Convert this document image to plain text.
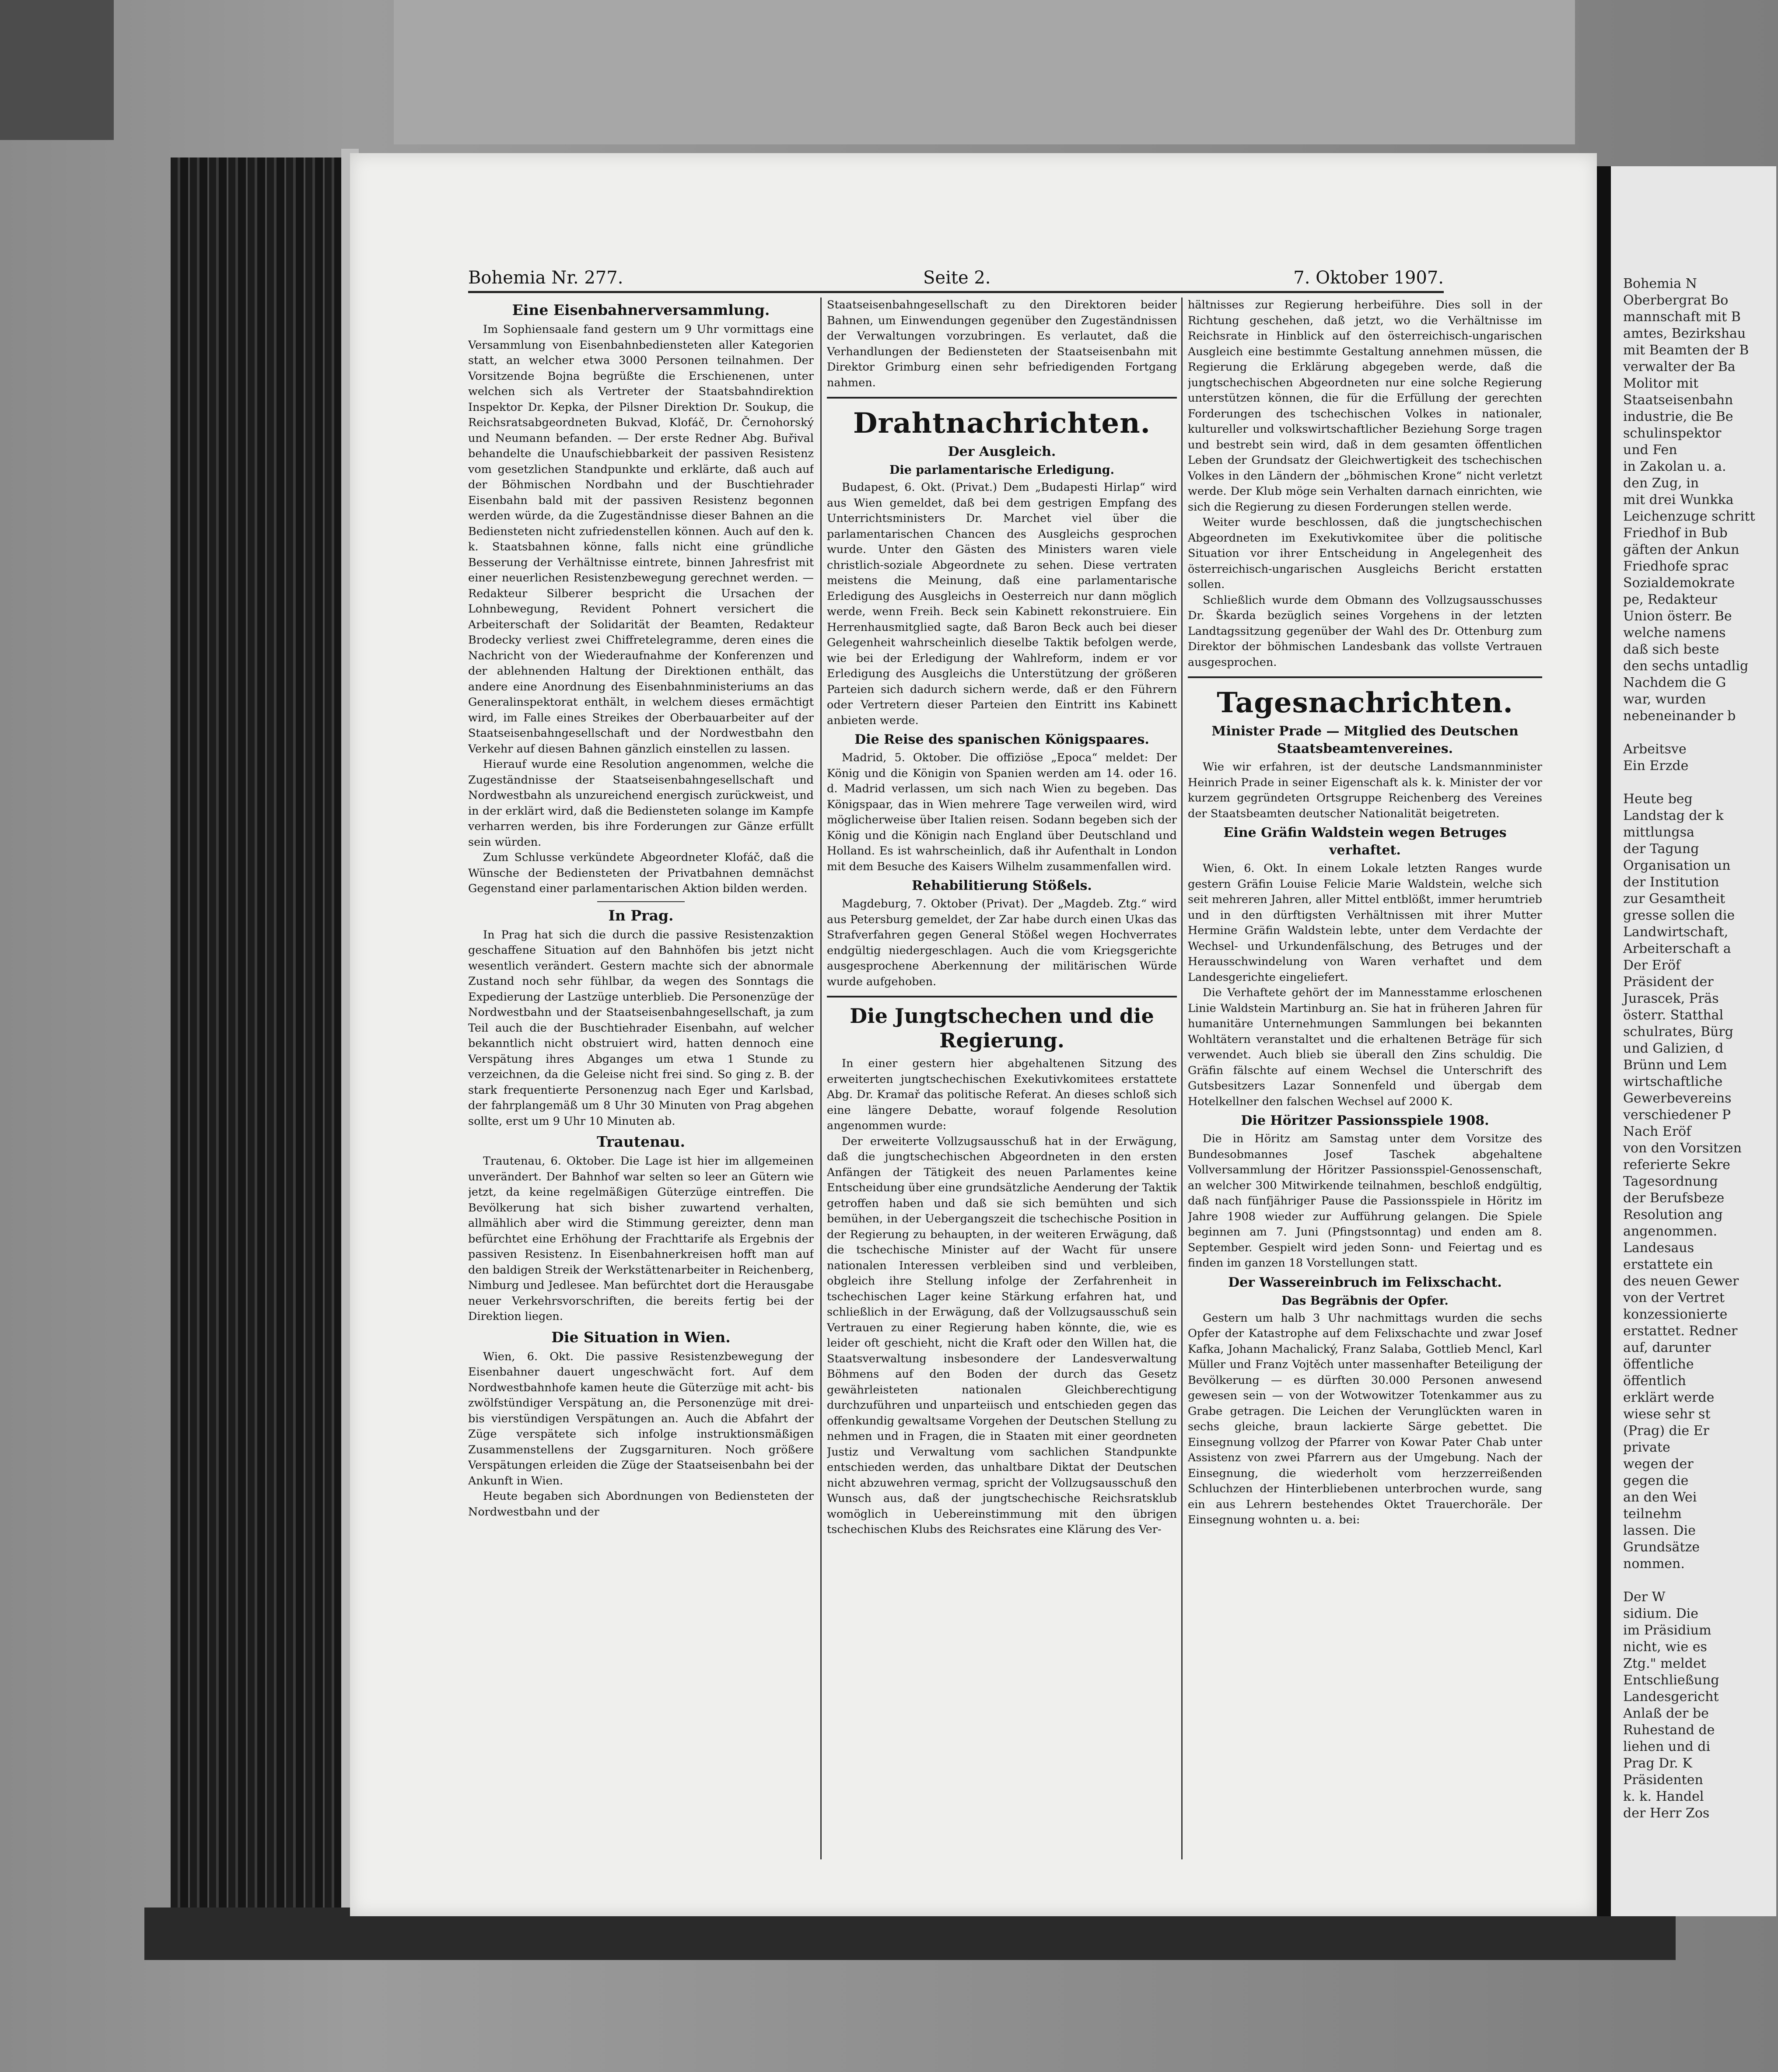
Bohemia N
Oberbergrat Bo
mannschaft mit B
amtes, Bezirkshau
mit Beamten der B
verwalter der Ba
Molitor mit
Staatseisenbahn
industrie, die Be
schulinspektor
und Fen
in Zakolan u. a.
den Zug, in
mit drei Wunkka
Leichenzuge schritt
Friedhof in Bub
gäften der Ankun
Friedhofe sprac
Sozialdemokrate
pe, Redakteur
Union österr. Be
welche namens
daß sich beste
den sechs untadlig
Nachdem die G
war, wurden
nebeneinander b

Arbeitsve
Ein Erzde

Heute beg
Landstag der k
mittlungsa
der Tagung
Organisation un
der Institution
zur Gesamtheit
gresse sollen die
Landwirtschaft,
Arbeiterschaft a
Der Eröf
Präsident der
Jurascek, Präs
österr. Statthal
schulrates, Bürg
und Galizien, d
Brünn und Lem
wirtschaftliche
Gewerbevereins
verschiedener P
Nach Eröf
von den Vorsitzen
referierte Sekre
Tagesordnung
der Berufsbeze
Resolution ang
angenommen.
Landesaus
erstattete ein
des neuen Gewer
von der Vertret
konzessionierte
erstattet. Redner
auf, darunter
öffentliche
öffentlich
erklärt werde
wiese sehr st
(Prag) die Er
private
wegen der
gegen die
an den Wei
teilnehm
lassen. Die
Grundsätze
nommen.

Der W
sidium. Die
im Präsidium
nicht, wie es
Ztg." meldet
Entschließung
Landesgericht
Anlaß der be
Ruhestand de
liehen und di
Prag Dr. K
Präsidenten
k. k. Handel
der Herr Zos
Bohemia Nr. 277.	Seite 2.	7. Oktober 1907.
Eine Eisenbahnerversammlung.

Im Sophiensaale fand gestern um 9 Uhr vormittags eine Versammlung von Eisenbahnbediensteten aller Kategorien statt, an welcher etwa 3000 Personen teilnahmen. Der Vorsitzende Bojna begrüßte die Erschienenen, unter welchen sich als Vertreter der Staatsbahndirektion Inspektor Dr. Kepka, der Pilsner Direktion Dr. Soukup, die Reichsratsabgeordneten Bukvad, Klofáč, Dr. Černohorský und Neumann befanden. — Der erste Redner Abg. Buřival behandelte die Unaufschiebbarkeit der passiven Resistenz vom gesetzlichen Standpunkte und erklärte, daß auch auf der Böhmischen Nordbahn und der Buschtiehrader Eisenbahn bald mit der passiven Resistenz begonnen werden würde, da die Zugeständnisse dieser Bahnen an die Bediensteten nicht zufriedenstellen können. Auch auf den k. k. Staatsbahnen könne, falls nicht eine gründliche Besserung der Verhältnisse eintrete, binnen Jahresfrist mit einer neuerlichen Resistenzbewegung gerechnet werden. — Redakteur Silberer bespricht die Ursachen der Lohnbewegung, Revident Pohnert versichert die Arbeiterschaft der Solidarität der Beamten, Redakteur Brodecky verliest zwei Chiffretelegramme, deren eines die Nachricht von der Wiederaufnahme der Konferenzen und der ablehnenden Haltung der Direktionen enthält, das andere eine Anordnung des Eisenbahnministeriums an das Generalinspektorat enthält, in welchem dieses ermächtigt wird, im Falle eines Streikes der Oberbauarbeiter auf der Staatseisenbahngesellschaft und der Nordwestbahn den Verkehr auf diesen Bahnen gänzlich einstellen zu lassen.

Hierauf wurde eine Resolution angenommen, welche die Zugeständnisse der Staatseisenbahngesellschaft und Nordwestbahn als unzureichend energisch zurückweist, und in der erklärt wird, daß die Bediensteten solange im Kampfe verharren werden, bis ihre Forderungen zur Gänze erfüllt sein würden.

Zum Schlusse verkündete Abgeordneter Klofáč, daß die Wünsche der Bediensteten der Privatbahnen demnächst Gegenstand einer parlamentarischen Aktion bilden werden.

In Prag.

In Prag hat sich die durch die passive Resistenzaktion geschaffene Situation auf den Bahnhöfen bis jetzt nicht wesentlich verändert. Gestern machte sich der abnormale Zustand noch sehr fühlbar, da wegen des Sonntags die Expedierung der Lastzüge unterblieb. Die Personenzüge der Nordwestbahn und der Staatseisenbahngesellschaft, ja zum Teil auch die der Buschtiehrader Eisenbahn, auf welcher bekanntlich nicht obstruiert wird, hatten dennoch eine Verspätung ihres Abganges um etwa 1 Stunde zu verzeichnen, da die Geleise nicht frei sind. So ging z. B. der stark frequentierte Personenzug nach Eger und Karlsbad, der fahrplangemäß um 8 Uhr 30 Minuten von Prag abgehen sollte, erst um 9 Uhr 10 Minuten ab.

Trautenau.

Trautenau, 6. Oktober. Die Lage ist hier im allgemeinen unverändert. Der Bahnhof war selten so leer an Gütern wie jetzt, da keine regelmäßigen Güterzüge eintreffen. Die Bevölkerung hat sich bisher zuwartend verhalten, allmählich aber wird die Stimmung gereizter, denn man befürchtet eine Erhöhung der Frachttarife als Ergebnis der passiven Resistenz. In Eisenbahnerkreisen hofft man auf den baldigen Streik der Werkstättenarbeiter in Reichenberg, Nimburg und Jedlesee. Man befürchtet dort die Herausgabe neuer Verkehrsvorschriften, die bereits fertig bei der Direktion liegen.

Die Situation in Wien.

Wien, 6. Okt. Die passive Resistenzbewegung der Eisenbahner dauert ungeschwächt fort. Auf dem Nordwestbahnhofe kamen heute die Güterzüge mit acht- bis zwölfstündiger Verspätung an, die Personenzüge mit drei- bis vierstündigen Verspätungen an. Auch die Abfahrt der Züge verspätete sich infolge instruktionsmäßigen Zusammenstellens der Zugsgarnituren. Noch größere Verspätungen erleiden die Züge der Staatseisenbahn bei der Ankunft in Wien.

Heute begaben sich Abordnungen von Bediensteten der Nordwestbahn und der

Staatseisenbahngesellschaft zu den Direktoren beider Bahnen, um Einwendungen gegenüber den Zugeständnissen der Verwaltungen vorzubringen. Es verlautet, daß die Verhandlungen der Bediensteten der Staatseisenbahn mit Direktor Grimburg einen sehr befriedigenden Fortgang nahmen.

Drahtnachrichten.
Der Ausgleich.
Die parlamentarische Erledigung.

Budapest, 6. Okt. (Privat.) Dem „Budapesti Hirlap“ wird aus Wien gemeldet, daß bei dem gestrigen Empfang des Unterrichtsministers Dr. Marchet viel über die parlamentarischen Chancen des Ausgleichs gesprochen wurde. Unter den Gästen des Ministers waren viele christlich-soziale Abgeordnete zu sehen. Diese vertraten meistens die Meinung, daß eine parlamentarische Erledigung des Ausgleichs in Oesterreich nur dann möglich werde, wenn Freih. Beck sein Kabinett rekonstruiere. Ein Herrenhausmitglied sagte, daß Baron Beck auch bei dieser Gelegenheit wahrscheinlich dieselbe Taktik befolgen werde, wie bei der Erledigung der Wahlreform, indem er vor Erledigung des Ausgleichs die Unterstützung der größeren Parteien sich dadurch sichern werde, daß er den Führern oder Vertretern dieser Parteien den Eintritt ins Kabinett anbieten werde.

Die Reise des spanischen Königspaares.

Madrid, 5. Oktober. Die offiziöse „Epoca“ meldet: Der König und die Königin von Spanien werden am 14. oder 16. d. Madrid verlassen, um sich nach Wien zu begeben. Das Königspaar, das in Wien mehrere Tage verweilen wird, wird möglicherweise über Italien reisen. Sodann begeben sich der König und die Königin nach England über Deutschland und Holland. Es ist wahrscheinlich, daß ihr Aufenthalt in London mit dem Besuche des Kaisers Wilhelm zusammenfallen wird.

Rehabilitierung Stößels.

Magdeburg, 7. Oktober (Privat). Der „Magdeb. Ztg.“ wird aus Petersburg gemeldet, der Zar habe durch einen Ukas das Strafverfahren gegen General Stößel wegen Hochverrates endgültig niedergeschlagen. Auch die vom Kriegsgerichte ausgesprochene Aberkennung der militärischen Würde wurde aufgehoben.

Die Jungtschechen und die Regierung.

In einer gestern hier abgehaltenen Sitzung des erweiterten jungtschechischen Exekutivkomitees erstattete Abg. Dr. Kramař das politische Referat. An dieses schloß sich eine längere Debatte, worauf folgende Resolution angenommen wurde:

Der erweiterte Vollzugsausschuß hat in der Erwägung, daß die jungtschechischen Abgeordneten in den ersten Anfängen der Tätigkeit des neuen Parlamentes keine Entscheidung über eine grundsätzliche Aenderung der Taktik getroffen haben und daß sie sich bemühten und sich bemühen, in der Uebergangszeit die tschechische Position in der Regierung zu behaupten, in der weiteren Erwägung, daß die tschechische Minister auf der Wacht für unsere nationalen Interessen verbleiben sind und verbleiben, obgleich ihre Stellung infolge der Zerfahrenheit in tschechischen Lager keine Stärkung erfahren hat, und schließlich in der Erwägung, daß der Vollzugsausschuß sein Vertrauen zu einer Regierung haben könnte, die, wie es leider oft geschieht, nicht die Kraft oder den Willen hat, die Staatsverwaltung insbesondere der Landesverwaltung Böhmens auf den Boden der durch das Gesetz gewährleisteten nationalen Gleichberechtigung durchzuführen und unparteiisch und entschieden gegen das offenkundig gewaltsame Vorgehen der Deutschen Stellung zu nehmen und in Fragen, die in Staaten mit einer geordneten Justiz und Verwaltung vom sachlichen Standpunkte entschieden werden, das unhaltbare Diktat der Deutschen nicht abzuwehren vermag, spricht der Vollzugsausschuß den Wunsch aus, daß der jungtschechische Reichsratsklub womöglich in Uebereinstimmung mit den übrigen tschechischen Klubs des Reichsrates eine Klärung des Ver-

hältnisses zur Regierung herbeiführe. Dies soll in der Richtung geschehen, daß jetzt, wo die Verhältnisse im Reichsrate in Hinblick auf den österreichisch-ungarischen Ausgleich eine bestimmte Gestaltung annehmen müssen, die Regierung die Erklärung abgegeben werde, daß die jungtschechischen Abgeordneten nur eine solche Regierung unterstützen können, die für die Erfüllung der gerechten Forderungen des tschechischen Volkes in nationaler, kultureller und volkswirtschaftlicher Beziehung Sorge tragen und bestrebt sein wird, daß in dem gesamten öffentlichen Leben der Grundsatz der Gleichwertigkeit des tschechischen Volkes in den Ländern der „böhmischen Krone“ nicht verletzt werde. Der Klub möge sein Verhalten darnach einrichten, wie sich die Regierung zu diesen Forderungen stellen werde.

Weiter wurde beschlossen, daß die jungtschechischen Abgeordneten im Exekutivkomitee über die politische Situation vor ihrer Entscheidung in Angelegenheit des österreichisch-ungarischen Ausgleichs Bericht erstatten sollen.

Schließlich wurde dem Obmann des Vollzugsausschusses Dr. Škarda bezüglich seines Vorgehens in der letzten Landtagssitzung gegenüber der Wahl des Dr. Ottenburg zum Direktor der böhmischen Landesbank das vollste Vertrauen ausgesprochen.

Tagesnachrichten.
Minister Prade — Mitglied des Deutschen Staatsbeamtenvereines.

Wie wir erfahren, ist der deutsche Landsmannminister Heinrich Prade in seiner Eigenschaft als k. k. Minister der vor kurzem gegründeten Ortsgruppe Reichenberg des Vereines der Staatsbeamten deutscher Nationalität beigetreten.

Eine Gräfin Waldstein wegen Betruges verhaftet.

Wien, 6. Okt. In einem Lokale letzten Ranges wurde gestern Gräfin Louise Felicie Marie Waldstein, welche sich seit mehreren Jahren, aller Mittel entblößt, immer herumtrieb und in den dürftigsten Verhältnissen mit ihrer Mutter Hermine Gräfin Waldstein lebte, unter dem Verdachte der Wechsel- und Urkundenfälschung, des Betruges und der Herausschwindelung von Waren verhaftet und dem Landesgerichte eingeliefert.

Die Verhaftete gehört der im Mannesstamme erloschenen Linie Waldstein Martinburg an. Sie hat in früheren Jahren für humanitäre Unternehmungen Sammlungen bei bekannten Wohltätern veranstaltet und die erhaltenen Beträge für sich verwendet. Auch blieb sie überall den Zins schuldig. Die Gräfin fälschte auf einem Wechsel die Unterschrift des Gutsbesitzers Lazar Sonnenfeld und übergab dem Hotelkellner den falschen Wechsel auf 2000 K.

Die Höritzer Passionsspiele 1908.

Die in Höritz am Samstag unter dem Vorsitze des Bundesobmannes Josef Taschek abgehaltene Vollversammlung der Höritzer Passionsspiel-Genossenschaft, an welcher 300 Mitwirkende teilnahmen, beschloß endgültig, daß nach fünfjähriger Pause die Passionsspiele in Höritz im Jahre 1908 wieder zur Aufführung gelangen. Die Spiele beginnen am 7. Juni (Pfingstsonntag) und enden am 8. September. Gespielt wird jeden Sonn- und Feiertag und es finden im ganzen 18 Vorstellungen statt.

Der Wassereinbruch im Felixschacht.
Das Begräbnis der Opfer.

Gestern um halb 3 Uhr nachmittags wurden die sechs Opfer der Katastrophe auf dem Felixschachte und zwar Josef Kafka, Johann Machalický, Franz Salaba, Gottlieb Mencl, Karl Müller und Franz Vojtěch unter massenhafter Beteiligung der Bevölkerung — es dürften 30.000 Personen anwesend gewesen sein — von der Wotwowitzer Totenkammer aus zu Grabe getragen. Die Leichen der Verunglückten waren in sechs gleiche, braun lackierte Särge gebettet. Die Einsegnung vollzog der Pfarrer von Kowar Pater Chab unter Assistenz von zwei Pfarrern aus der Umgebung. Nach der Einsegnung, die wiederholt vom herzzerreißenden Schluchzen der Hinterbliebenen unterbrochen wurde, sang ein aus Lehrern bestehendes Oktet Trauerchoräle. Der Einsegnung wohnten u. a. bei:
